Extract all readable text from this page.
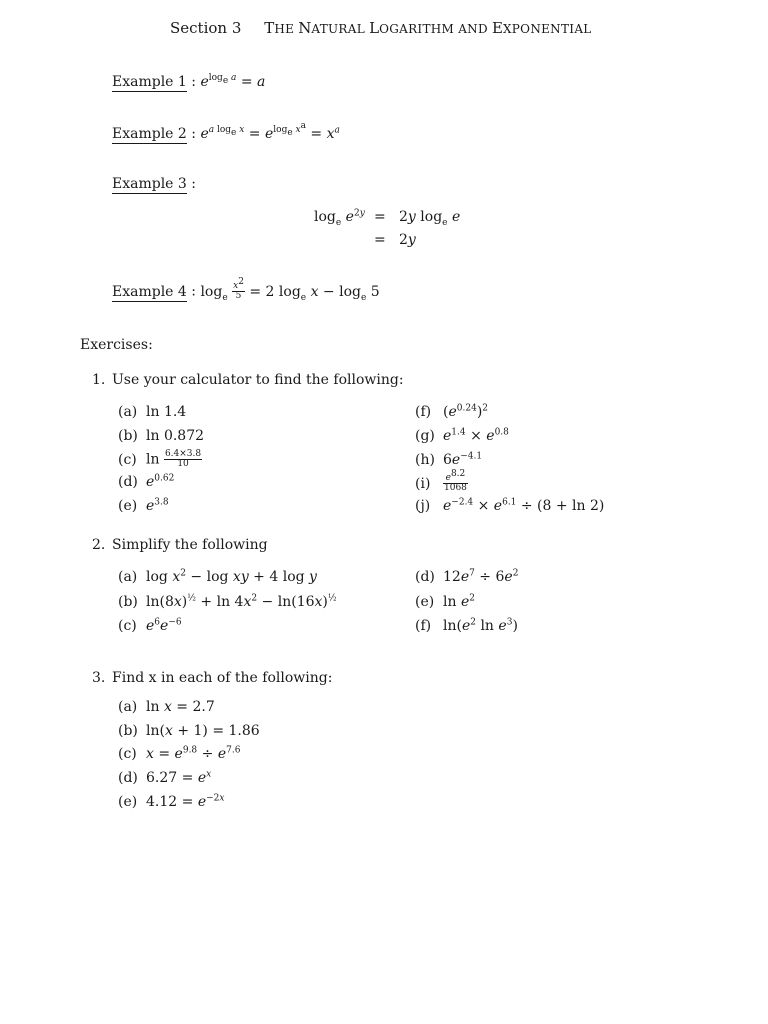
Section 3 THE NATURAL LOGARITHM AND EXPONENTIAL
Example 1 : $e^{log_e a} = a$
Example 2 : $e^{a log_e x} = e^{log_e x^a} = x^a$
Example 3 :
$\log_e e^{2y} = 2y$ $\log_e e$
= 2y
Example 4 : $\log_e \frac{x^2}{5} = 2$ $\log_e x - \log_e 5$
Exercises:
1. Use your calculator to find the following:
(a) ln 1.4
(b) ln 0.872
(c) $\ln \frac{6.4\times 3.8}{10}$
(d) $e^{0.62}$
(e) $e^{3.8}$
(f) $(e^{0.24})^2$
(g) $e^{1.4} \times e^{0.8}$
(h) $6e^{-4.1}$
$(i) \frac{e^{8.2}}{1068}$
(j) $e^{-2.4} \times e^{6.1} \div (8 + \ln 2)$
2. Simplify the following
(a) $\log x^2 - \log$ xy + 4 log y
(b) $\ln(8x)^{\frac{1}{2}} + \ln 4x^2 - \ln(16x)^{\frac{1}{2}}$
(c) $e^6e^{-6}$
(d) $12e^7 \div 6e^2$
(e) $\ln e^2$
(f) $\ln(e^2$ $\ln e^3$)
3. Find x in each of the following:
(a) ln x = 2.7
(b) ln(x + 1) = 1.86
(c) $x = e^{9.8} \div e^{7.6}$
(d) $6.27 = e^x$
(e) $4.12 = e^{-2x}$
